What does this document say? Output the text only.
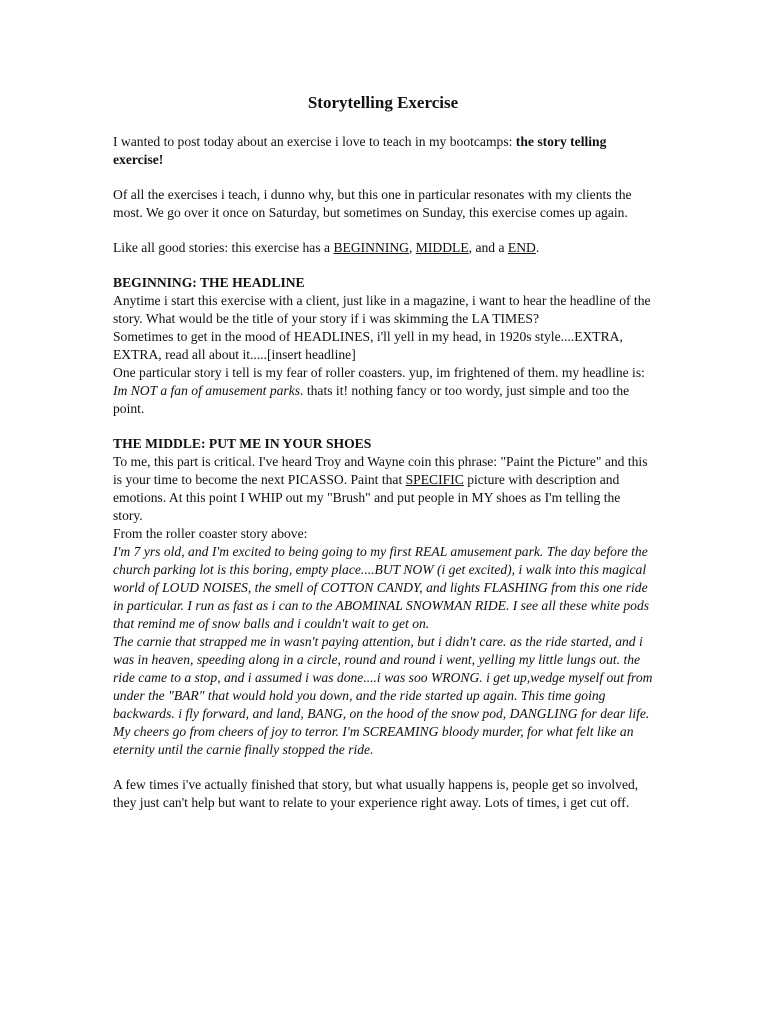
Storytelling Exercise

I wanted to post today about an exercise i love to teach in my bootcamps: the story telling exercise!

Of all the exercises i teach, i dunno why, but this one in particular resonates with my clients the most. We go over it once on Saturday, but sometimes on Sunday, this exercise comes up again.

Like all good stories: this exercise has a BEGINNING, MIDDLE, and a END.

BEGINNING: THE HEADLINE
Anytime i start this exercise with a client, just like in a magazine, i want to hear the headline of the story. What would be the title of your story if i was skimming the LA TIMES?
Sometimes to get in the mood of HEADLINES, i'll yell in my head, in 1920s style....EXTRA, EXTRA, read all about it.....[insert headline]
One particular story i tell is my fear of roller coasters. yup, im frightened of them. my headline is: Im NOT a fan of amusement parks. thats it! nothing fancy or too wordy, just simple and too the point.
THE MIDDLE: PUT ME IN YOUR SHOES
To me, this part is critical. I've heard Troy and Wayne coin this phrase: "Paint the Picture" and this is your time to become the next PICASSO. Paint that SPECIFIC picture with description and emotions. At this point I WHIP out my "Brush" and put people in MY shoes as I'm telling the story.
From the roller coaster story above:
I'm 7 yrs old, and I'm excited to being going to my first REAL amusement park. The day before the church parking lot is this boring, empty place....BUT NOW (i get excited), i walk into this magical world of LOUD NOISES, the smell of COTTON CANDY, and lights FLASHING from this one ride in particular. I run as fast as i can to the ABOMINAL SNOWMAN RIDE. I see all these white pods that remind me of snow balls and i couldn't wait to get on.
The carnie that strapped me in wasn't paying attention, but i didn't care. as the ride started, and i was in heaven, speeding along in a circle, round and round i went, yelling my little lungs out. the ride came to a stop, and i assumed i was done....i was soo WRONG. i get up,wedge myself out from under the "BAR" that would hold you down, and the ride started up again. This time going backwards. i fly forward, and land, BANG, on the hood of the snow pod, DANGLING for dear life. My cheers go from cheers of joy to terror. I'm SCREAMING bloody murder, for what felt like an eternity until the carnie finally stopped the ride.

A few times i've actually finished that story, but what usually happens is, people get so involved, they just can't help but want to relate to your experience right away. Lots of times, i get cut off.
